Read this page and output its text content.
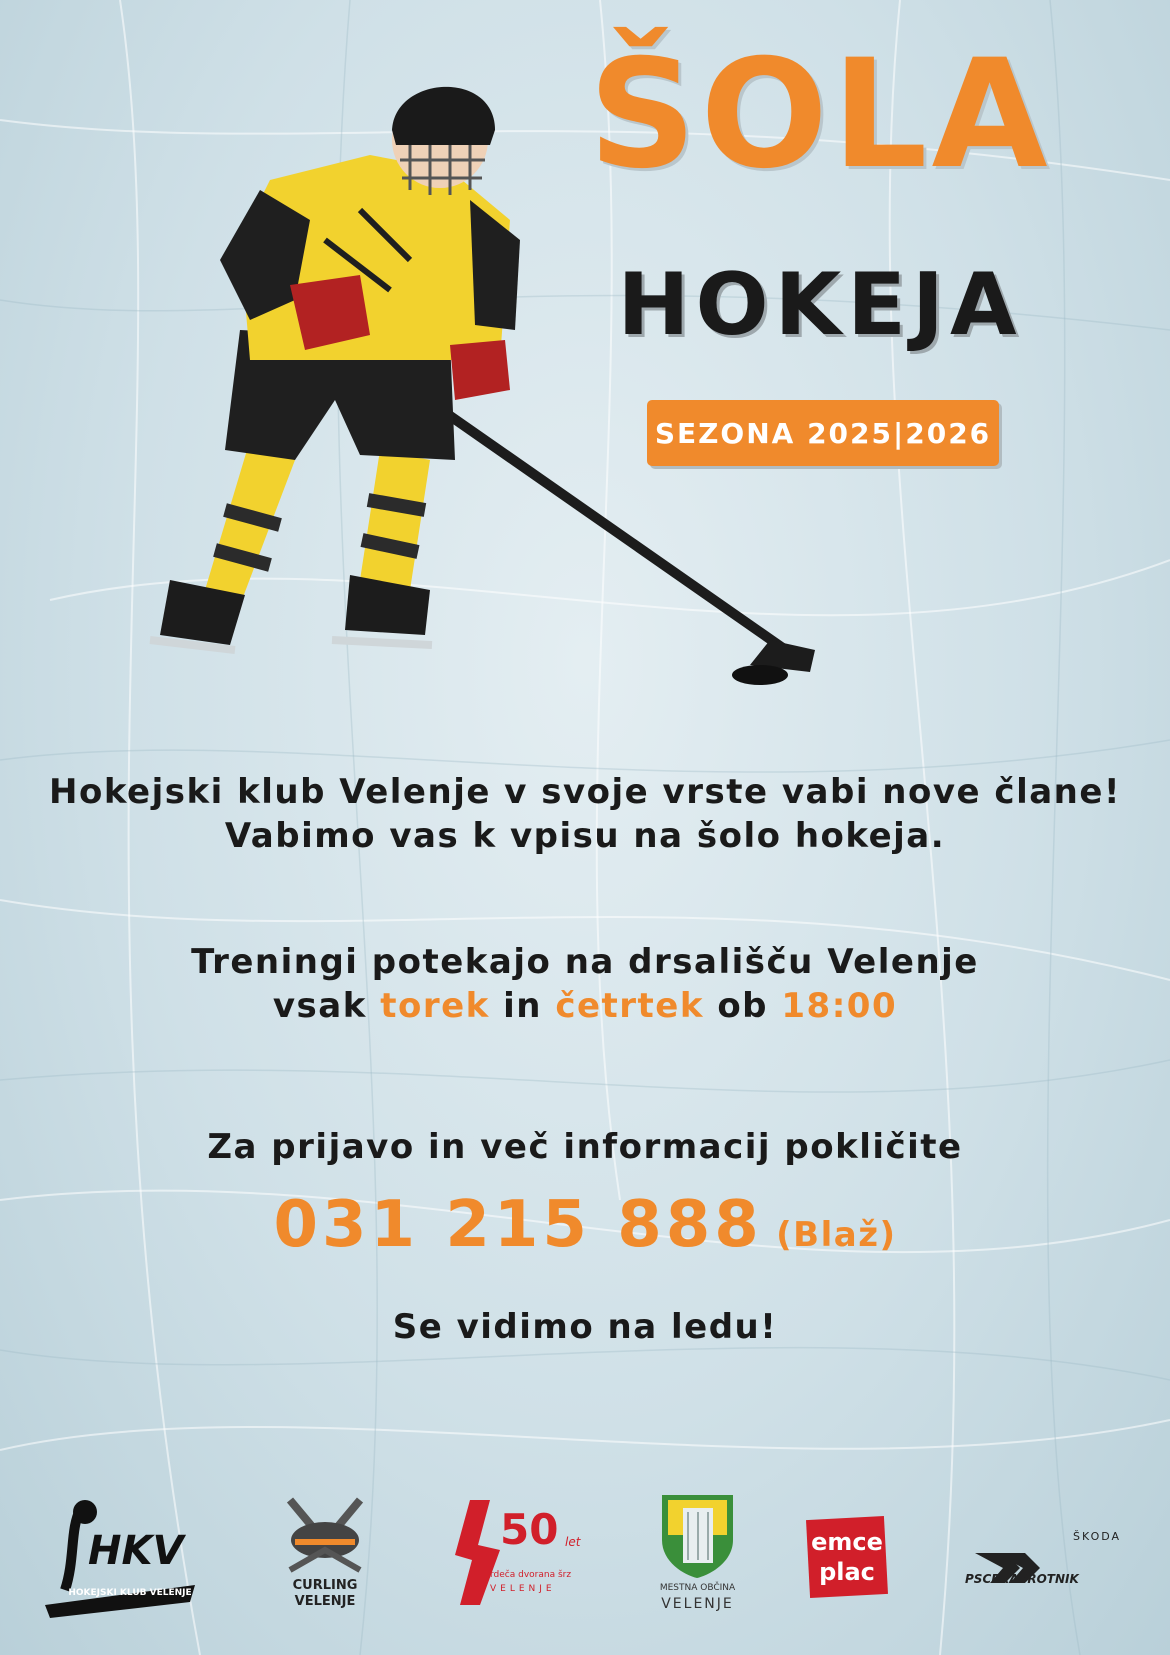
ŠOLA
HOKEJA
SEZONA 2025|2026
Hokejski klub Velenje v svoje vrste vabi nove člane!
Vabimo vas k vpisu na šolo hokeja.
Treningi potekajo na drsališču Velenje
vsak torek in četrtek ob 18:00
Za prijavo in več informacij pokličite
031 215 888 (Blaž)
Se vidimo na ledu!
HKV
HOKEJSKI KLUB VELENJE	CURLING
VELENJE
50 let
rdeča dvorana šrz
VELENJE	MESTNA OBČINA
VELENJE
emce
plac
ŠKODA
PSCPRAPROTNIK
